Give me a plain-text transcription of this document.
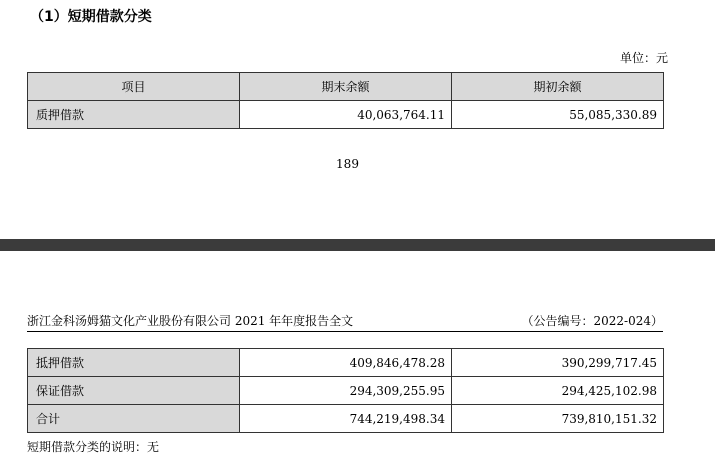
（1）短期借款分类
单位：元
项目	期末余额	期初余额
质押借款	40,063,764.11	55,085,330.89
189
浙江金科汤姆猫文化产业股份有限公司 2021 年年度报告全文	（公告编号：2022-024）

抵押借款	409,846,478.28	390,299,717.45
保证借款	294,309,255.95	294,425,102.98
合计	744,219,498.34	739,810,151.32
短期借款分类的说明：无
